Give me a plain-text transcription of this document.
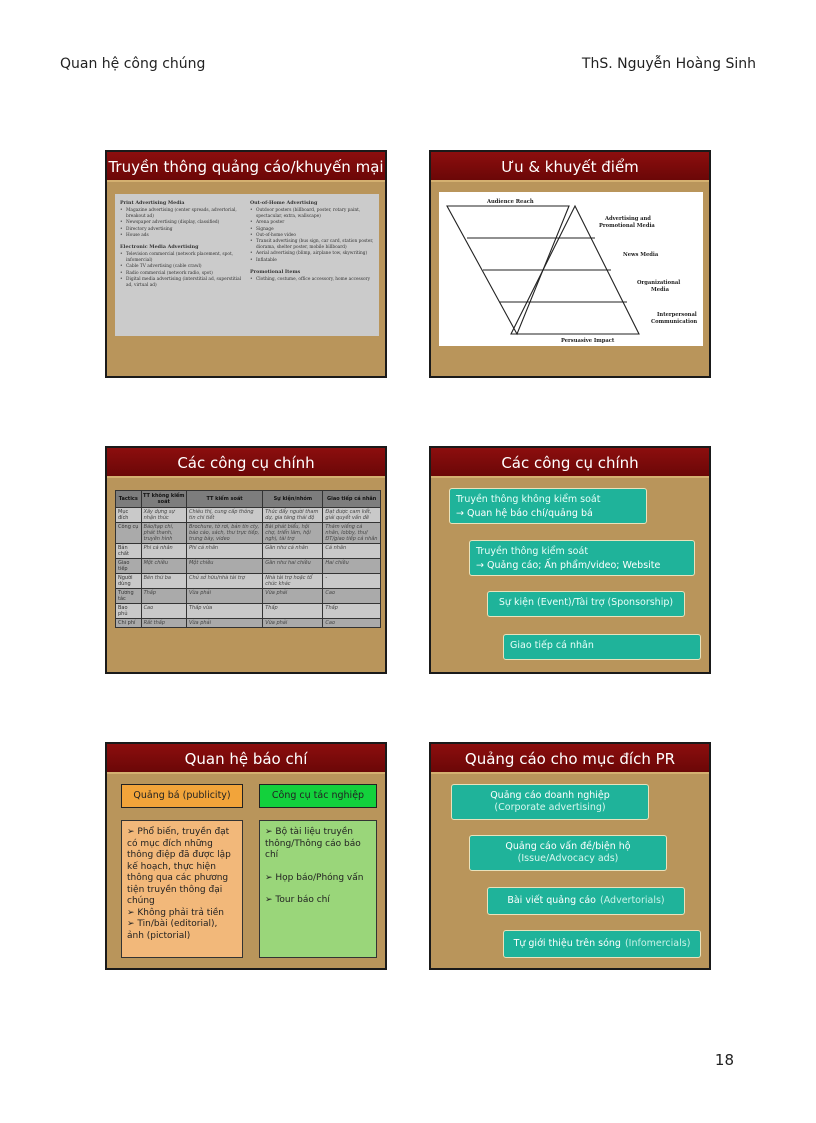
Quan hệ công chúng	ThS. Nguyễn Hoàng Sinh
Truyền thông quảng cáo/khuyến mại
Print Advertising Media
• Magazine advertising (center spreads, advertorial, breakout ad)
• Newspaper advertising (display, classified)
• Directory advertising
• House ads
Electronic Media Advertising
• Television commercial (network placement, spot, infomercial)
• Cable TV advertising (cable crawl)
• Radio commercial (network radio, spot)
• Digital media advertising (interstitial ad, superstitial ad, virtual ad)
Out-of-Home Advertising
• Outdoor posters (billboard, poster, rotary paint, spectacular, extra, wallscape)
• Arena poster
• Signage
• Out-of-home video
• Transit advertising (bus sign, car card, station poster, diorama, shelter poster, mobile billboard)
• Aerial advertising (blimp, airplane tow, skywriting)
• Inflatable
Promotional Items
• Clothing, costume, office accessory, home accessory
Ưu & khuyết điểm
Audience Reach
Persuasive Impact
Advertising and
Promotional Media
News Media
Organizational
Media
Interpersonal
Communication
Các công cụ chính
Tactics	TT không kiểm soát	TT kiểm soát	Sự kiện/nhóm	Giao tiếp cá nhân
Mục đích	Xây dựng sự nhận thức	Chiêu thị, cung cấp thông tin chi tiết	Thúc đẩy người tham dự, gia tăng thái độ	Đạt được cam kết, giải quyết vấn đề
Công cụ	Báo/tạp chí, phát thanh, truyền hình	Brochure, tờ rơi, bản tin cty, báo cáo, sách, thư trực tiếp, trưng bày, video	Bài phát biểu, hội chợ, triển lãm, hội nghị, tài trợ	Thăm viếng cá nhân, lobby, thư/ĐT/giao tiếp cá nhân
Bản chất	Phi cá nhân	Phi cá nhân	Gần như cá nhân	Cá nhân
Giao tiếp	Một chiều	Một chiều	Gần như hai chiều	Hai chiều
Người dùng	Bên thứ ba	Chủ sở hữu/nhà tài trợ	Nhà tài trợ hoặc tổ chức khác	-
Tương tác	Thấp	Vừa phải	Vừa phải	Cao
Bao phủ	Cao	Thấp vừa	Thấp	Thấp
Chi phí	Rất thấp	Vừa phải	Vừa phải	Cao
Các công cụ chính
Truyền thông không kiểm soát
→ Quan hệ báo chí/quảng bá
Truyền thông kiểm soát
→ Quảng cáo; Ấn phẩm/video; Website
Sự kiện (Event)/Tài trợ (Sponsorship)
Giao tiếp cá nhân
Quan hệ báo chí
Quảng bá (publicity)	Công cụ tác nghiệp

➢ Phổ biến, truyền đạt có mục đích những thông điệp đã được lập kế hoạch, thực hiện thông qua các phương tiện truyền thông đại chúng

➢ Không phải trả tiền

➢ Tin/bài (editorial), ảnh (pictorial)

➢ Bộ tài liệu truyền thông/Thông cáo báo chí

➢ Họp báo/Phóng vấn

➢ Tour báo chí

Quảng cáo cho mục đích PR
Quảng cáo doanh nghiệp
(Corporate advertising)
Quảng cáo vấn đề/biện hộ
(Issue/Advocacy ads)
Bài viết quảng cáo (Advertorials)
Tự giới thiệu trên sóng (Infomercials)
18
